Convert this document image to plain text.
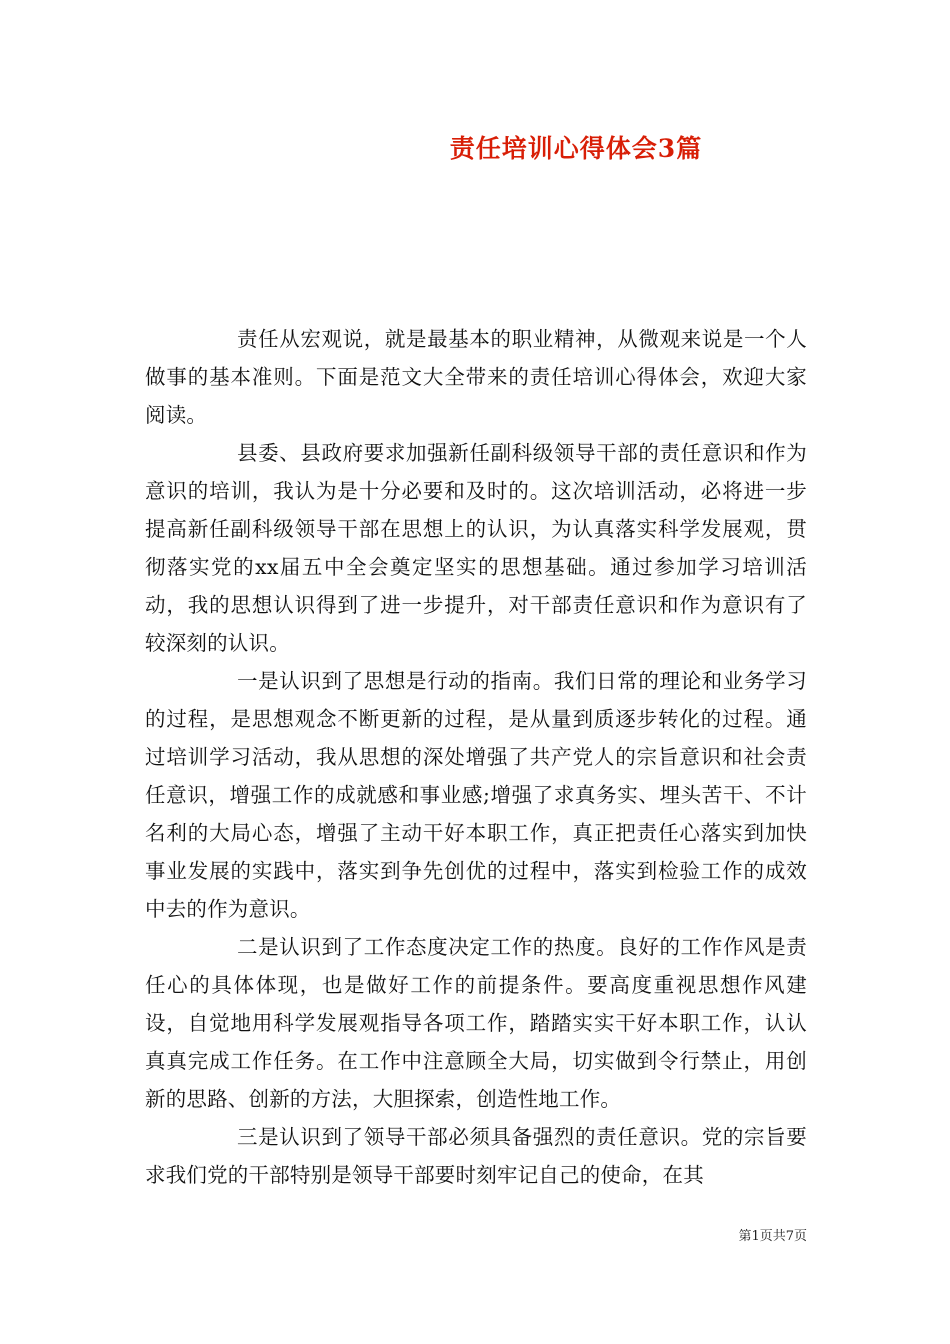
责任培训心得体会3篇

责任从宏观说，就是最基本的职业精神，从微观来说是一个人做事的基本准则。下面是范文大全带来的责任培训心得体会，欢迎大家阅读。

县委、县政府要求加强新任副科级领导干部的责任意识和作为意识的培训，我认为是十分必要和及时的。这次培训活动，必将进一步提高新任副科级领导干部在思想上的认识，为认真落实科学发展观，贯彻落实党的xx届五中全会奠定坚实的思想基础。通过参加学习培训活动，我的思想认识得到了进一步提升，对干部责任意识和作为意识有了较深刻的认识。

一是认识到了思想是行动的指南。我们日常的理论和业务学习的过程，是思想观念不断更新的过程，是从量到质逐步转化的过程。通过培训学习活动，我从思想的深处增强了共产党人的宗旨意识和社会责任意识，增强工作的成就感和事业感;增强了求真务实、埋头苦干、不计名利的大局心态，增强了主动干好本职工作，真正把责任心落实到加快事业发展的实践中，落实到争先创优的过程中，落实到检验工作的成效中去的作为意识。

二是认识到了工作态度决定工作的热度。良好的工作作风是责任心的具体体现，也是做好工作的前提条件。要高度重视思想作风建设，自觉地用科学发展观指导各项工作，踏踏实实干好本职工作，认认真真完成工作任务。在工作中注意顾全大局，切实做到令行禁止，用创新的思路、创新的方法，大胆探索，创造性地工作。

三是认识到了领导干部必须具备强烈的责任意识。党的宗旨要求我们党的干部特别是领导干部要时刻牢记自己的使命，在其

第1页共7页
